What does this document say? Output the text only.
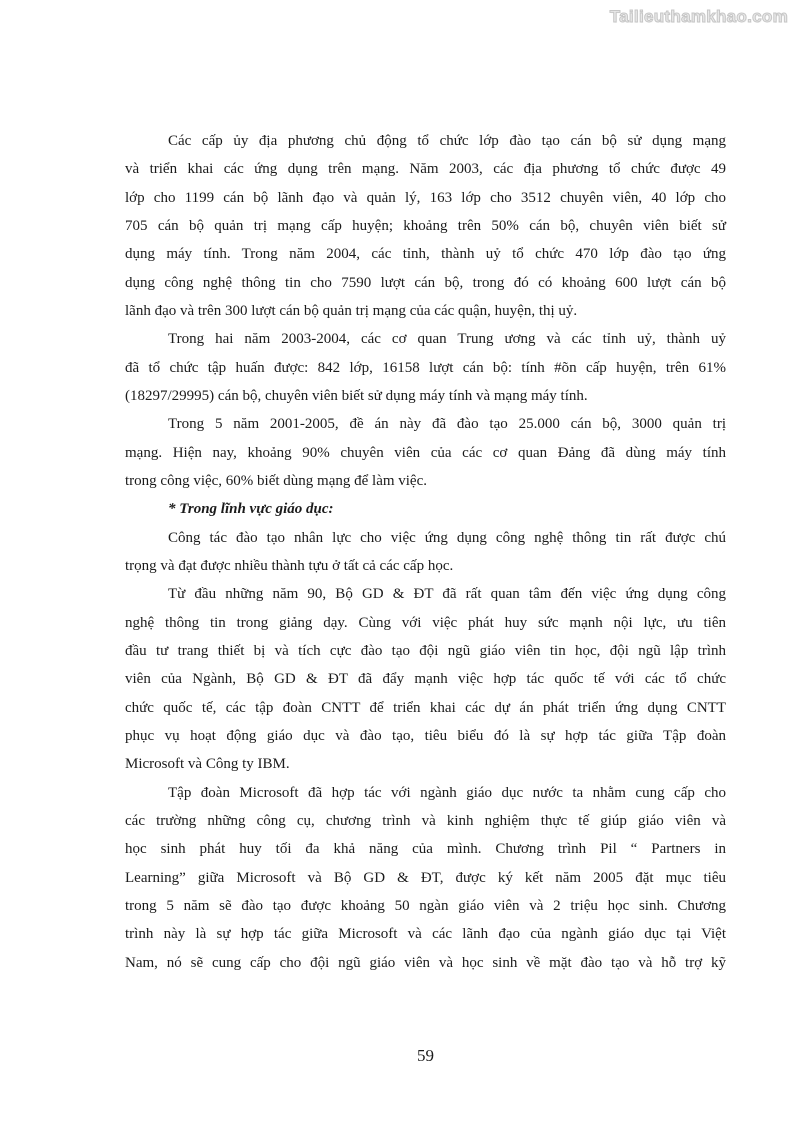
Tailieuthamkhao.com
Các cấp ủy địa phương chủ động tổ chức lớp đào tạo cán bộ sử dụng mạng
và triển khai các ứng dụng trên mạng. Năm 2003, các địa phương tổ chức được 49
lớp cho 1199 cán bộ lãnh đạo và quản lý, 163 lớp cho 3512 chuyên viên, 40 lớp cho
705 cán bộ quản trị mạng cấp huyện; khoảng trên 50% cán bộ, chuyên viên biết sử
dụng máy tính. Trong năm 2004, các tỉnh, thành uỷ tổ chức 470 lớp đào tạo ứng
dụng công nghệ thông tin cho 7590 lượt cán bộ, trong đó có khoảng 600 lượt cán bộ
lãnh đạo và trên 300 lượt cán bộ quản trị mạng của các quận, huyện, thị uỷ.
Trong hai năm 2003-2004, các cơ quan Trung ương và các tỉnh uỷ, thành uỷ
đã tổ chức tập huấn được: 842 lớp, 16158 lượt cán bộ: tính #õn cấp huyện, trên 61%
(18297/29995) cán bộ, chuyên viên biết sử dụng máy tính và mạng máy tính.
Trong 5 năm 2001-2005, đề án này đã đào tạo 25.000 cán bộ, 3000 quản trị
mạng. Hiện nay, khoảng 90% chuyên viên của các cơ quan Đảng đã dùng máy tính
trong công việc, 60% biết dùng mạng để làm việc.
* Trong lĩnh vực giáo dục:
Công tác đào tạo nhân lực cho việc ứng dụng công nghệ thông tin rất được chú
trọng và đạt được nhiều thành tựu ở tất cả các cấp học.
Từ đầu những năm 90, Bộ GD & ĐT đã rất quan tâm đến việc ứng dụng công
nghệ thông tin trong giảng dạy. Cùng với việc phát huy sức mạnh nội lực, ưu tiên
đầu tư trang thiết bị và tích cực đào tạo đội ngũ giáo viên tin học, đội ngũ lập trình
viên của Ngành, Bộ GD & ĐT đã đẩy mạnh việc hợp tác quốc tế với các tổ chức
chức quốc tế, các tập đoàn CNTT để triển khai các dự án phát triển ứng dụng CNTT
phục vụ hoạt động giáo dục và đào tạo, tiêu biểu đó là sự hợp tác giữa Tập đoàn
Microsoft và Công ty IBM.
Tập đoàn Microsoft đã hợp tác với ngành giáo dục nước ta nhằm cung cấp cho
các trường những công cụ, chương trình và kinh nghiệm thực tế giúp giáo viên và
học sinh phát huy tối đa khả năng của mình. Chương trình Pil “ Partners in
Learning” giữa Microsoft và Bộ GD & ĐT, được ký kết năm 2005 đặt mục tiêu
trong 5 năm sẽ đào tạo được khoảng 50 ngàn giáo viên và 2 triệu học sinh. Chương
trình này là sự hợp tác giữa Microsoft và các lãnh đạo của ngành giáo dục tại Việt
Nam, nó sẽ cung cấp cho đội ngũ giáo viên và học sinh về mặt đào tạo và hỗ trợ kỹ
59
